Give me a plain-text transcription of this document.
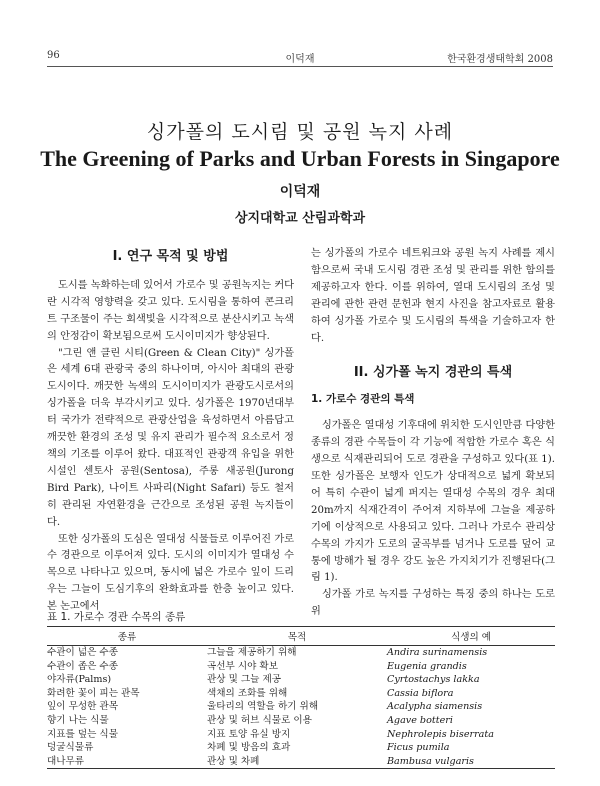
96	이덕재	한국환경생태학회 2008
싱가폴의 도시림 및 공원 녹지 사례
The Greening of Parks and Urban Forests in Singapore
이덕재
상지대학교 산림과학과
I. 연구 목적 및 방법

도시를 녹화하는데 있어서 가로수 및 공원녹지는 커다란 시각적 영향력을 갖고 있다. 도시림을 통하여 콘크리트 구조물이 주는 회색빛을 시각적으로 분산시키고 녹색의 안정감이 확보됨으로써 도시이미지가 향상된다.

"그린 앤 클린 시티(Green & Clean City)" 싱가폴은 세계 6대 관광국 중의 하나이며, 아시아 최대의 관광도시이다. 깨끗한 녹색의 도시이미지가 관광도시로서의 싱가폴을 더욱 부각시키고 있다. 싱가폴은 1970년대부터 국가가 전략적으로 관광산업을 육성하면서 아름답고 깨끗한 환경의 조성 및 유지 관리가 필수적 요소로서 정책의 기조를 이루어 왔다. 대표적인 관광객 유입을 위한 시설인 센토사 공원(Sentosa), 주롱 새공원(Jurong Bird Park), 나이트 사파리(Night Safari) 등도 철저히 관리된 자연환경을 근간으로 조성된 공원 녹지들이다.

또한 싱가폴의 도심은 열대성 식물들로 이루어진 가로수 경관으로 이루어져 있다. 도시의 이미지가 열대성 수목으로 나타나고 있으며, 동시에 넓은 가로수 잎이 드리우는 그늘이 도심기후의 완화효과를 한층 높이고 있다. 본 논고에서

는 싱가폴의 가로수 네트워크와 공원 녹지 사례를 제시함으로써 국내 도시림 경관 조성 및 관리를 위한 함의를 제공하고자 한다. 이를 위하여, 열대 도시림의 조성 및 관리에 관한 관련 문헌과 현지 사진을 참고자료로 활용하여 싱가폴 가로수 및 도시림의 특색을 기술하고자 한다.

II. 싱가폴 녹지 경관의 특색
1. 가로수 경관의 특색

싱가폴은 열대성 기후대에 위치한 도시인만큼 다양한 종류의 경관 수목들이 각 기능에 적합한 가로수 혹은 식생으로 식재관리되어 도로 경관을 구성하고 있다(표 1). 또한 싱가폴은 보행자 인도가 상대적으로 넓게 확보되어 특히 수관이 넓게 퍼지는 열대성 수목의 경우 최대 20m까지 식재간격이 주어져 지하부에 그늘을 제공하기에 이상적으로 사용되고 있다. 그러나 가로수 관리상 수목의 가지가 도로의 굴곡부를 넘거나 도로를 덮어 교통에 방해가 될 경우 강도 높은 가지치기가 진행된다(그림 1).

싱가폴 가로 녹지를 구성하는 특징 중의 하나는 도로 위

표 1. 가로수 경관 수목의 종류
종류	목적	식생의 예
수관이 넓은 수종	그늘을 제공하기 위해	Andira surinamensis
수관이 좁은 수종	곡선부 시야 확보	Eugenia grandis
야자류(Palms)	관상 및 그늘 제공	Cyrtostachys lakka
화려한 꽃이 피는 관목	색채의 조화를 위해	Cassia biflora
잎이 무성한 관목	울타리의 역할을 하기 위해	Acalypha siamensis
향기 나는 식물	관상 및 허브 식물로 이용	Agave botteri
지표를 덮는 식물	지표 토양 유실 방지	Nephrolepis biserrata
덩굴식물류	차폐 및 방음의 효과	Ficus pumila
대나무류	관상 및 차폐	Bambusa vulgaris
